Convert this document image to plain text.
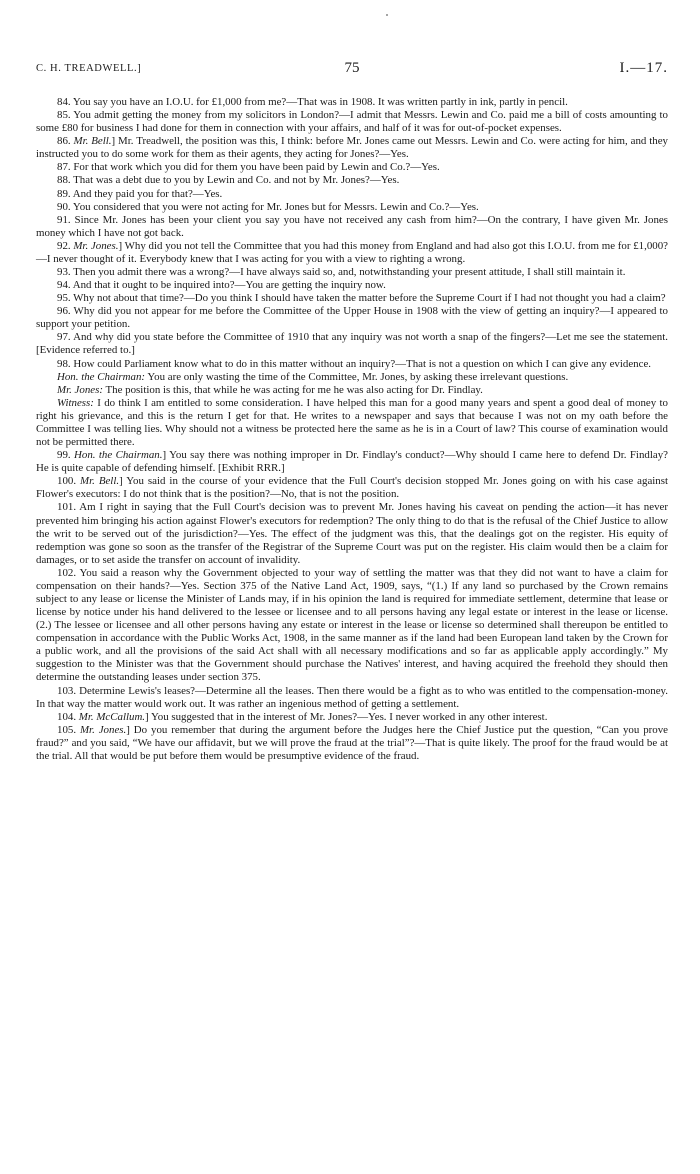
C. H. TREADWELL.]	75	I.—17.

84. You say you have an I.O.U. for £1,000 from me?—That was in 1908. It was written partly in ink, partly in pencil.

85. You admit getting the money from my solicitors in London?—I admit that Messrs. Lewin and Co. paid me a bill of costs amounting to some £80 for business I had done for them in connection with your affairs, and half of it was for out-of-pocket expenses.

86. Mr. Bell.] Mr. Treadwell, the position was this, I think: before Mr. Jones came out Messrs. Lewin and Co. were acting for him, and they instructed you to do some work for them as their agents, they acting for Jones?—Yes.

87. For that work which you did for them you have been paid by Lewin and Co.?—Yes.

88. That was a debt due to you by Lewin and Co. and not by Mr. Jones?—Yes.

89. And they paid you for that?—Yes.

90. You considered that you were not acting for Mr. Jones but for Messrs. Lewin and Co.?—Yes.

91. Since Mr. Jones has been your client you say you have not received any cash from him?—On the contrary, I have given Mr. Jones money which I have not got back.

92. Mr. Jones.] Why did you not tell the Committee that you had this money from England and had also got this I.O.U. from me for £1,000?—I never thought of it. Everybody knew that I was acting for you with a view to righting a wrong.

93. Then you admit there was a wrong?—I have always said so, and, notwithstanding your present attitude, I shall still maintain it.

94. And that it ought to be inquired into?—You are getting the inquiry now.

95. Why not about that time?—Do you think I should have taken the matter before the Supreme Court if I had not thought you had a claim?

96. Why did you not appear for me before the Committee of the Upper House in 1908 with the view of getting an inquiry?—I appeared to support your petition.

97. And why did you state before the Committee of 1910 that any inquiry was not worth a snap of the fingers?—Let me see the statement. [Evidence referred to.]

98. How could Parliament know what to do in this matter without an inquiry?—That is not a question on which I can give any evidence.

Hon. the Chairman: You are only wasting the time of the Committee, Mr. Jones, by asking these irrelevant questions.

Mr. Jones: The position is this, that while he was acting for me he was also acting for Dr. Findlay.

Witness: I do think I am entitled to some consideration. I have helped this man for a good many years and spent a good deal of money to right his grievance, and this is the return I get for that. He writes to a newspaper and says that because I was not on my oath before the Committee I was telling lies. Why should not a witness be protected here the same as he is in a Court of law? This course of examination would not be permitted there.

99. Hon. the Chairman.] You say there was nothing improper in Dr. Findlay's conduct?—Why should I came here to defend Dr. Findlay? He is quite capable of defending himself. [Exhibit RRR.]

100. Mr. Bell.] You said in the course of your evidence that the Full Court's decision stopped Mr. Jones going on with his case against Flower's executors: I do not think that is the position?—No, that is not the position.

101. Am I right in saying that the Full Court's decision was to prevent Mr. Jones having his caveat on pending the action—it has never prevented him bringing his action against Flower's executors for redemption? The only thing to do that is the refusal of the Chief Justice to allow the writ to be served out of the jurisdiction?—Yes. The effect of the judgment was this, that the dealings got on the register. His equity of redemption was gone so soon as the transfer of the Registrar of the Supreme Court was put on the register. His claim would then be a claim for damages, or to set aside the transfer on account of invalidity.

102. You said a reason why the Government objected to your way of settling the matter was that they did not want to have a claim for compensation on their hands?—Yes. Section 375 of the Native Land Act, 1909, says, “(1.) If any land so purchased by the Crown remains subject to any lease or license the Minister of Lands may, if in his opinion the land is required for immediate settlement, determine that lease or license by notice under his hand delivered to the lessee or licensee and to all persons having any legal estate or interest in the lease or license. (2.) The lessee or licensee and all other persons having any estate or interest in the lease or license so determined shall thereupon be entitled to compensation in accordance with the Public Works Act, 1908, in the same manner as if the land had been European land taken by the Crown for a public work, and all the provisions of the said Act shall with all necessary modifications and so far as applicable apply accordingly.” My suggestion to the Minister was that the Government should purchase the Natives' interest, and having acquired the freehold they should then determine the outstanding leases under section 375.

103. Determine Lewis's leases?—Determine all the leases. Then there would be a fight as to who was entitled to the compensation-money. In that way the matter would work out. It was rather an ingenious method of getting a settlement.

104. Mr. McCallum.] You suggested that in the interest of Mr. Jones?—Yes. I never worked in any other interest.

105. Mr. Jones.] Do you remember that during the argument before the Judges here the Chief Justice put the question, “Can you prove fraud?” and you said, “We have our affidavit, but we will prove the fraud at the trial”?—That is quite likely. The proof for the fraud would be at the trial. All that would be put before them would be presumptive evidence of the fraud.
